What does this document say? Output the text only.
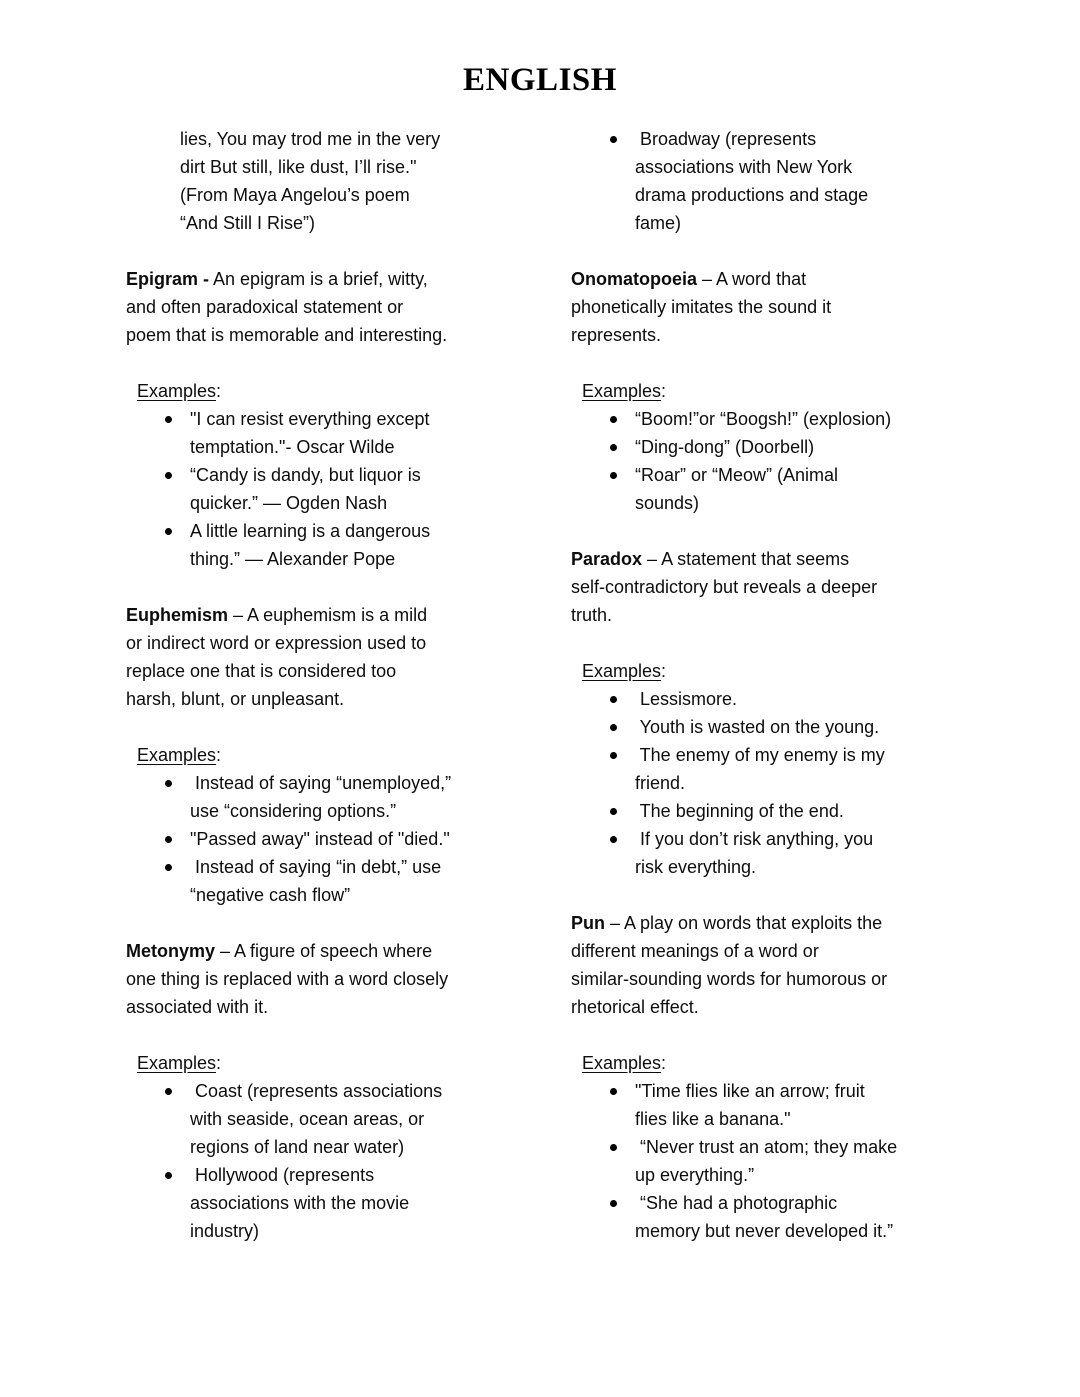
ENGLISH
lies, You may trod me in the very
dirt But still, like dust, I’ll rise."
(From Maya Angelou’s poem
“And Still I Rise”)
Epigram - An epigram is a brief, witty,
and often paradoxical statement or
poem that is memorable and interesting.
Examples:
"I can resist everything except
temptation."- Oscar Wilde
“Candy is dandy, but liquor is
quicker.” — Ogden Nash
A little learning is a dangerous
thing.” — Alexander Pope
Euphemism – A euphemism is a mild
or indirect word or expression used to
replace one that is considered too
harsh, blunt, or unpleasant.
Examples:
Instead of saying “unemployed,”
use “considering options.”
"Passed away" instead of "died."
Instead of saying “in debt,” use
“negative cash flow”
Metonymy – A figure of speech where
one thing is replaced with a word closely
associated with it.
Examples:
Coast (represents associations
with seaside, ocean areas, or
regions of land near water)
Hollywood (represents
associations with the movie
industry)
Broadway (represents
associations with New York
drama productions and stage
fame)
Onomatopoeia – A word that
phonetically imitates the sound it
represents.
Examples:
“Boom!”or “Boogsh!” (explosion)
“Ding-dong” (Doorbell)
“Roar” or “Meow” (Animal
sounds)
Paradox – A statement that seems
self-contradictory but reveals a deeper
truth.
Examples:
Lessismore.
Youth is wasted on the young.
The enemy of my enemy is my
friend.
The beginning of the end.
If you don’t risk anything, you
risk everything.
Pun – A play on words that exploits the
different meanings of a word or
similar-sounding words for humorous or
rhetorical effect.
Examples:
"Time flies like an arrow; fruit
flies like a banana."
“Never trust an atom; they make
up everything.”
“She had a photographic
memory but never developed it.”
